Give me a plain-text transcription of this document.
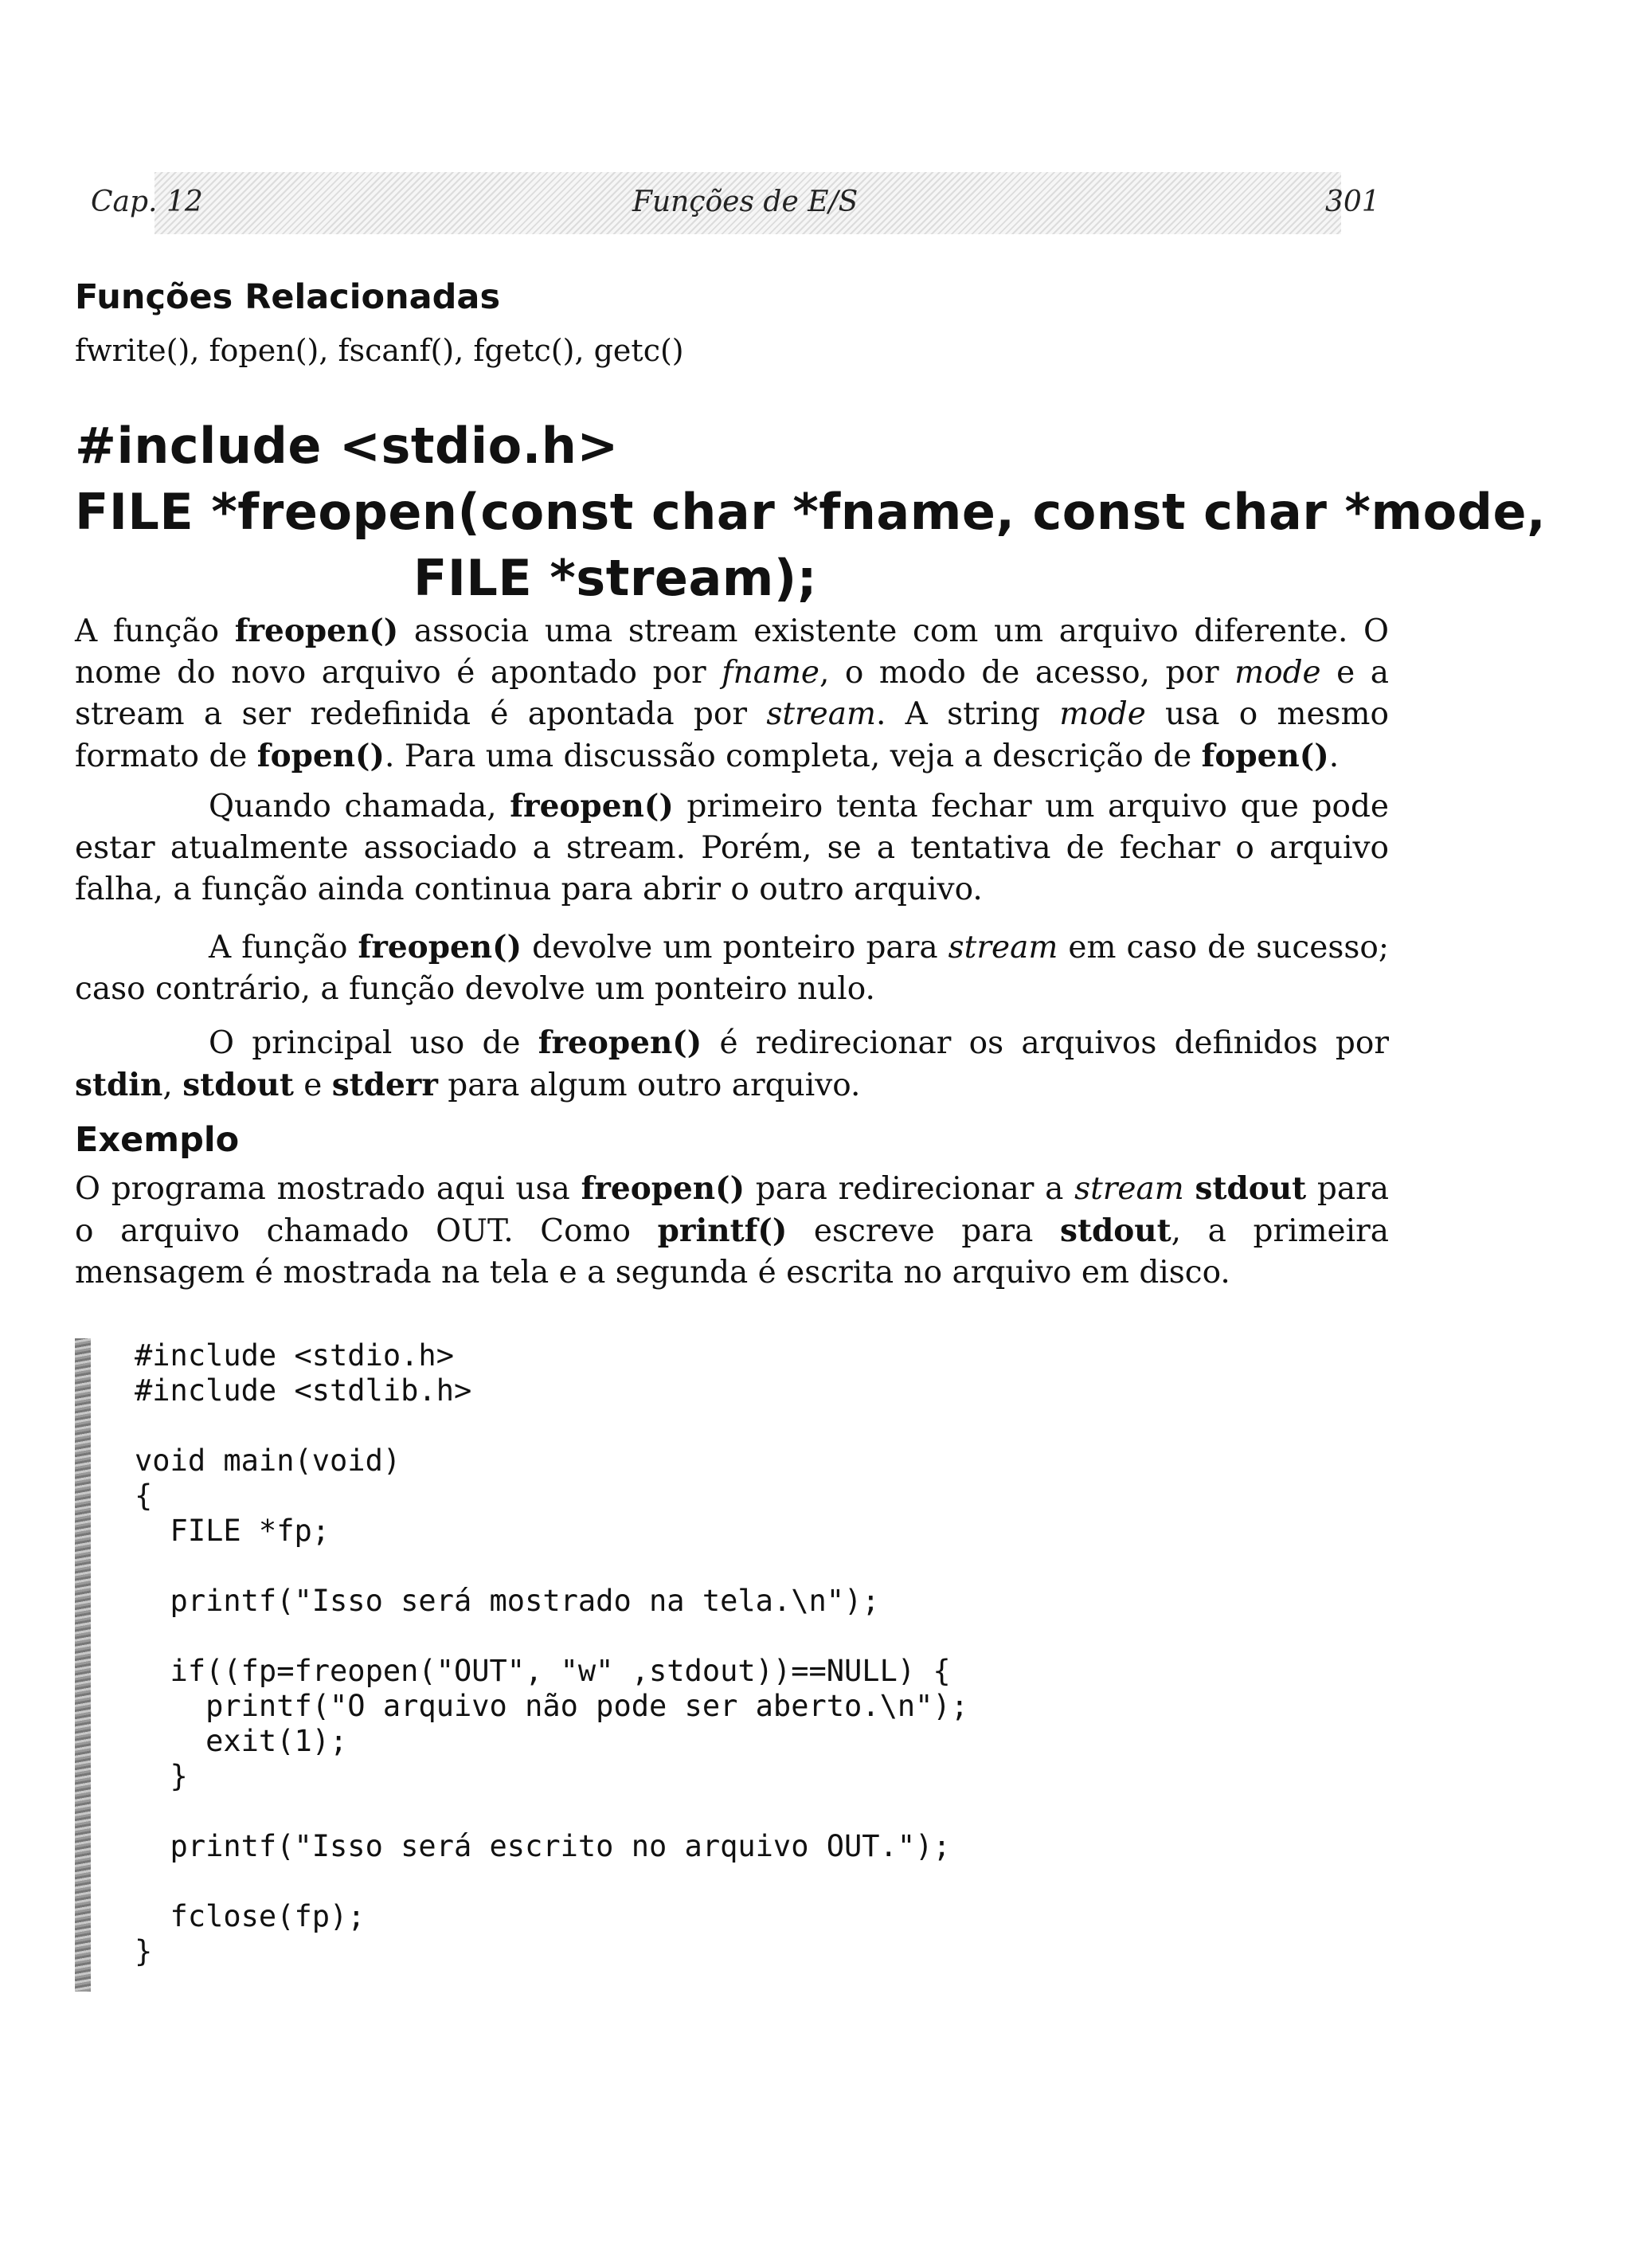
Cap. 12	Funções de E/S	301
Funções Relacionadas
fwrite(), fopen(), fscanf(), fgetc(), getc()
#include <stdio.h>
FILE *freopen(const char *fname, const char *mode,

FILE *stream);

A função freopen() associa uma stream existente com um arquivo diferente. O nome do novo arquivo é apontado por fname, o modo de acesso, por mode e a stream a ser redefinida é apontada por stream. A string mode usa o mesmo formato de fopen(). Para uma discussão completa, veja a descrição de fopen().

Quando chamada, freopen() primeiro tenta fechar um arquivo que pode estar atualmente associado a stream. Porém, se a tentativa de fechar o arquivo falha, a função ainda continua para abrir o outro arquivo.

A função freopen() devolve um ponteiro para stream em caso de sucesso; caso contrário, a função devolve um ponteiro nulo.

O principal uso de freopen() é redirecionar os arquivos definidos por stdin, stdout e stderr para algum outro arquivo.

Exemplo

O programa mostrado aqui usa freopen() para redirecionar a stream stdout para o arquivo chamado OUT. Como printf() escreve para stdout, a primeira mensagem é mostrada na tela e a segunda é escrita no arquivo em disco.

#include <stdio.h>
#include <stdlib.h>

void main(void)
{
FILE *fp;

printf("Isso será mostrado na tela.\n");

if((fp=freopen("OUT", "w" ,stdout))==NULL) {
printf("O arquivo não pode ser aberto.\n");
exit(1);
}

printf("Isso será escrito no arquivo OUT.");

fclose(fp);
}
